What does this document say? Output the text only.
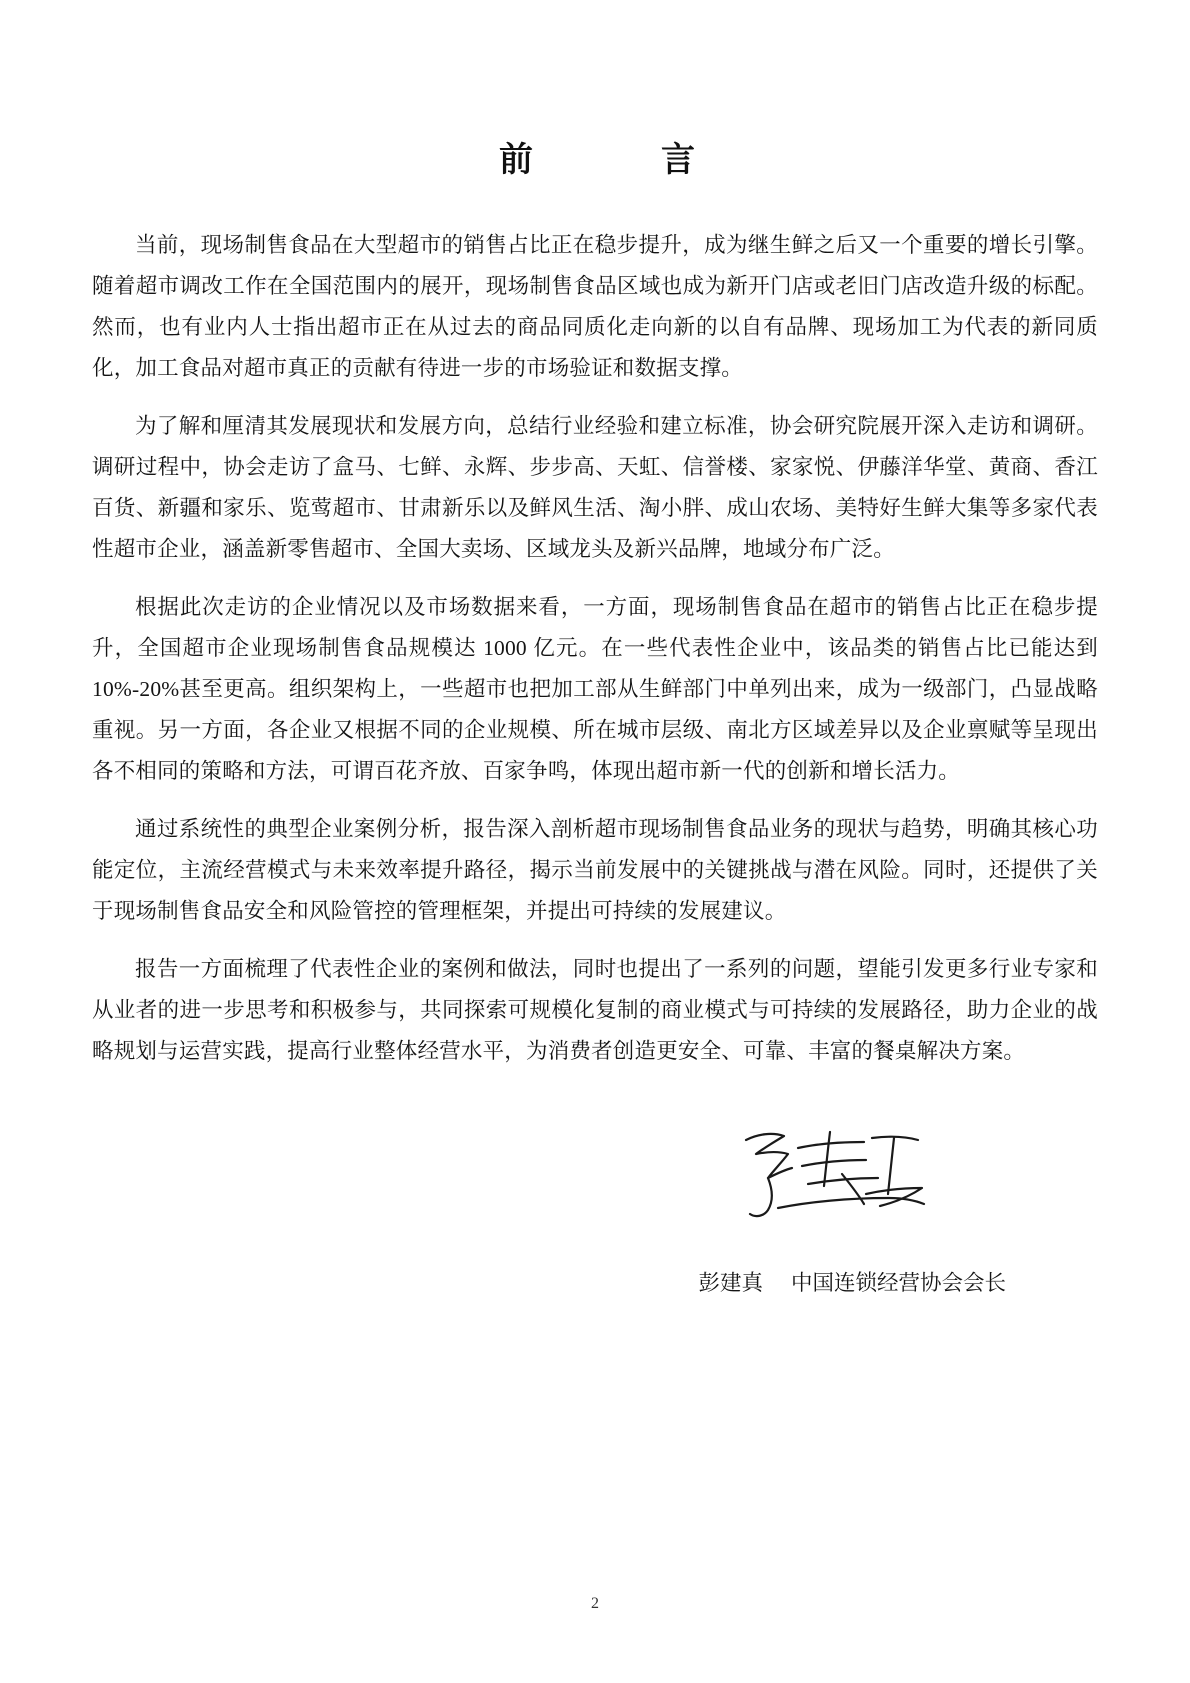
前　　言

当前，现场制售食品在大型超市的销售占比正在稳步提升，成为继生鲜之后又一个重要的增长引擎。随着超市调改工作在全国范围内的展开，现场制售食品区域也成为新开门店或老旧门店改造升级的标配。然而，也有业内人士指出超市正在从过去的商品同质化走向新的以自有品牌、现场加工为代表的新同质化，加工食品对超市真正的贡献有待进一步的市场验证和数据支撑。

为了解和厘清其发展现状和发展方向，总结行业经验和建立标准，协会研究院展开深入走访和调研。调研过程中，协会走访了盒马、七鲜、永辉、步步高、天虹、信誉楼、家家悦、伊藤洋华堂、黄商、香江百货、新疆和家乐、览莺超市、甘肃新乐以及鲜风生活、淘小胖、成山农场、美特好生鲜大集等多家代表性超市企业，涵盖新零售超市、全国大卖场、区域龙头及新兴品牌，地域分布广泛。

根据此次走访的企业情况以及市场数据来看，一方面，现场制售食品在超市的销售占比正在稳步提升，全国超市企业现场制售食品规模达 1000 亿元。在一些代表性企业中，该品类的销售占比已能达到 10%-20%甚至更高。组织架构上，一些超市也把加工部从生鲜部门中单列出来，成为一级部门，凸显战略重视。另一方面，各企业又根据不同的企业规模、所在城市层级、南北方区域差异以及企业禀赋等呈现出各不相同的策略和方法，可谓百花齐放、百家争鸣，体现出超市新一代的创新和增长活力。

通过系统性的典型企业案例分析，报告深入剖析超市现场制售食品业务的现状与趋势，明确其核心功能定位，主流经营模式与未来效率提升路径，揭示当前发展中的关键挑战与潜在风险。同时，还提供了关于现场制售食品安全和风险管控的管理框架，并提出可持续的发展建议。

报告一方面梳理了代表性企业的案例和做法，同时也提出了一系列的问题，望能引发更多行业专家和从业者的进一步思考和积极参与，共同探索可规模化复制的商业模式与可持续的发展路径，助力企业的战略规划与运营实践，提高行业整体经营水平，为消费者创造更安全、可靠、丰富的餐桌解决方案。

彭建真 中国连锁经营协会会长
2
